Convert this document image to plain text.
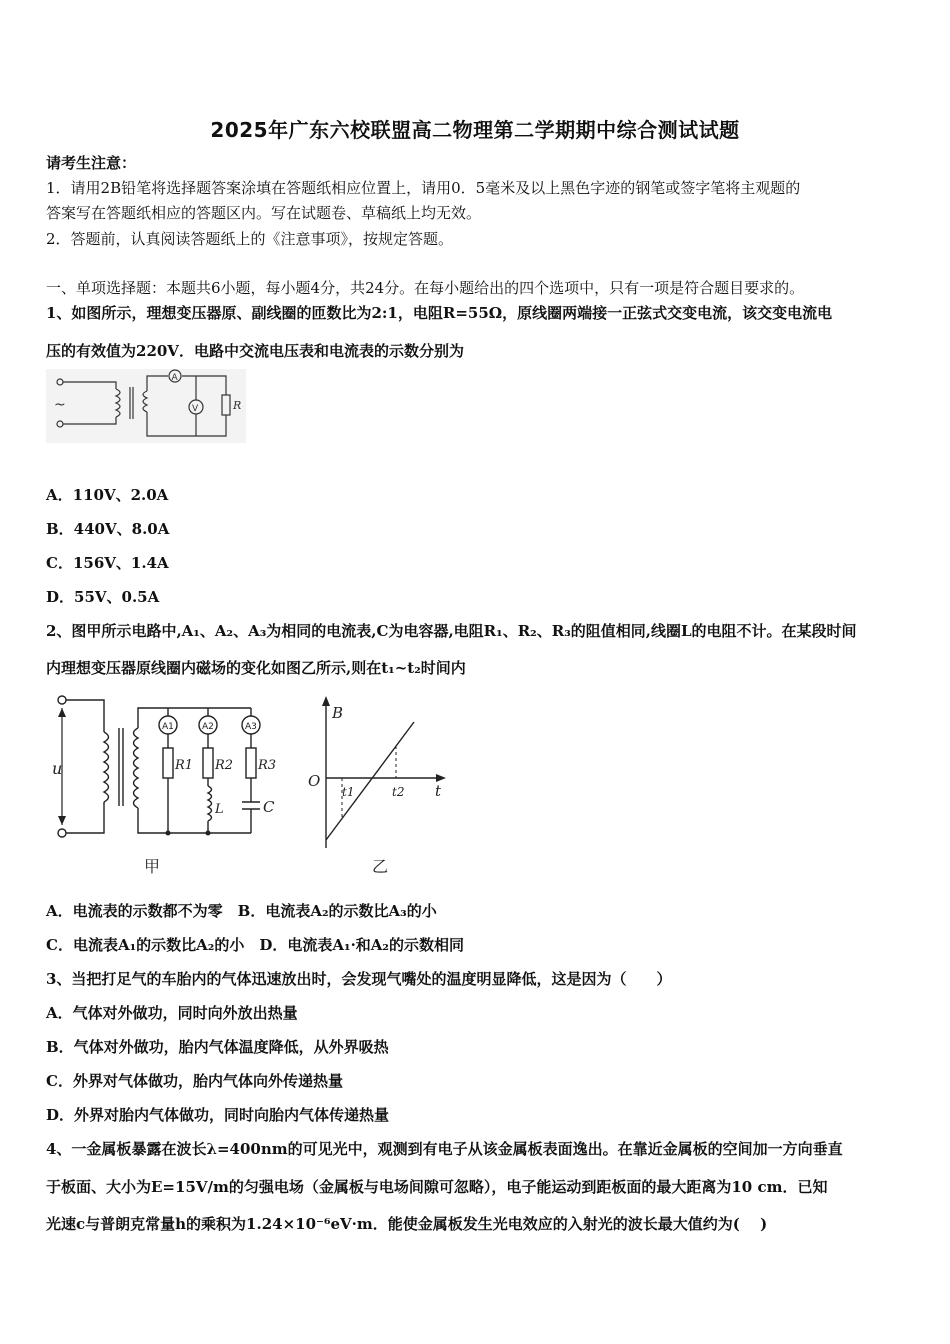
2025年广东六校联盟高二物理第二学期期中综合测试试题
请考生注意：
1．请用2B铅笔将选择题答案涂填在答题纸相应位置上，请用0．5毫米及以上黑色字迹的钢笔或签字笔将主观题的
答案写在答题纸相应的答题区内。写在试题卷、草稿纸上均无效。
2．答题前，认真阅读答题纸上的《注意事项》，按规定答题。
一、单项选择题：本题共6小题，每小题4分，共24分。在每小题给出的四个选项中，只有一项是符合题目要求的。
1、如图所示，理想变压器原、副线圈的匝数比为2:1，电阻R=55Ω，原线圈两端接一正弦式交变电流，该交变电流电
压的有效值为220V．电路中交流电压表和电流表的示数分别为
~
A
V	R
A．110V、2.0A
B．440V、8.0A
C．156V、1.4A
D．55V、0.5A
2、图甲所示电路中,A₁、A₂、A₃为相同的电流表,C为电容器,电阻R₁、R₂、R₃的阻值相同,线圈L的电阻不计。在某段时间
内理想变压器原线圈内磁场的变化如图乙所示,则在t₁~t₂时间内
u
A1
R1
A2
R2
L
A3
R3
C
甲
B
t
O
t1	t2
乙
A．电流表的示数都不为零　B．电流表A₂的示数比A₃的小
C．电流表A₁的示数比A₂的小　D．电流表A₁·和A₂的示数相同
3、当把打足气的车胎内的气体迅速放出时，会发现气嘴处的温度明显降低，这是因为（　　）
A．气体对外做功，同时向外放出热量
B．气体对外做功，胎内气体温度降低，从外界吸热
C．外界对气体做功，胎内气体向外传递热量
D．外界对胎内气体做功，同时向胎内气体传递热量
4、一金属板暴露在波长λ=400nm的可见光中，观测到有电子从该金属板表面逸出。在靠近金属板的空间加一方向垂直
于板面、大小为E=15V/m的匀强电场（金属板与电场间隙可忽略），电子能运动到距板面的最大距离为10 cm．已知
光速c与普朗克常量h的乘积为1.24×10⁻⁶eV·m．能使金属板发生光电效应的入射光的波长最大值约为(　 )
